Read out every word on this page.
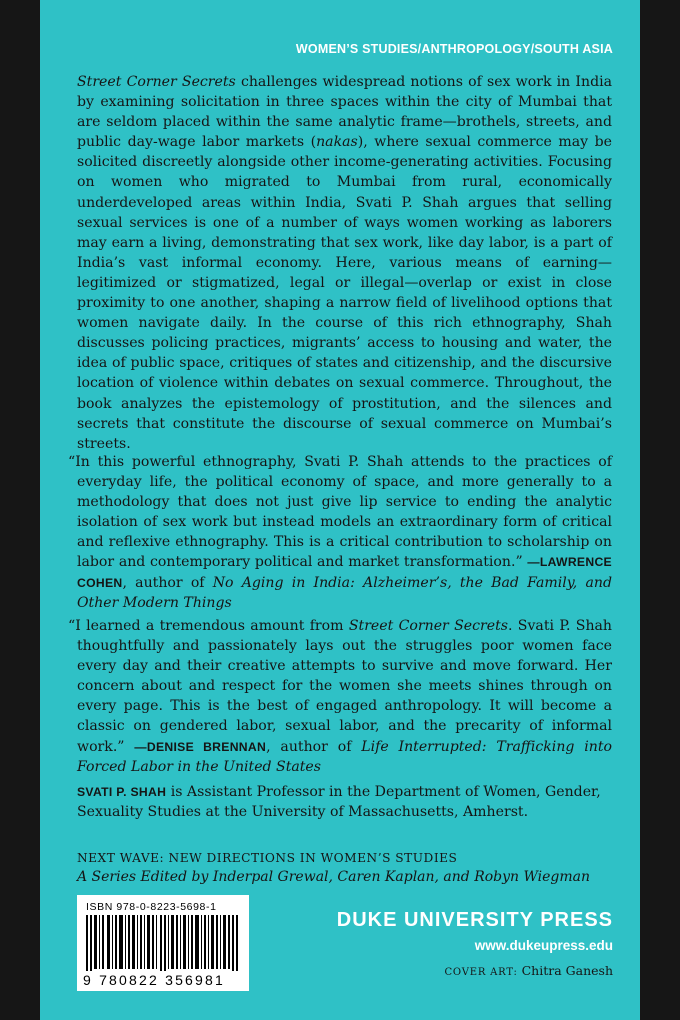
WOMEN’S STUDIES/ANTHROPOLOGY/SOUTH ASIA
Street Corner Secrets challenges widespread notions of sex work in India by examining solicitation in three spaces within the city of Mumbai that are seldom placed within the same analytic frame—brothels, streets, and public day-wage labor markets (nakas), where sexual commerce may be solicited discreetly alongside other income-generating activities. Focusing on women who migrated to Mumbai from rural, economically underdeveloped areas within India, Svati P. Shah argues that selling sexual services is one of a number of ways women working as laborers may earn a living, demonstrating that sex work, like day labor, is a part of India’s vast informal economy. Here, various means of earning—legitimized or stigmatized, legal or illegal—overlap or exist in close proximity to one another, shaping a narrow field of livelihood options that women navigate daily. In the course of this rich ethnography, Shah discusses policing practices, migrants’ access to housing and water, the idea of public space, critiques of states and citizenship, and the discursive location of violence within debates on sexual commerce. Throughout, the book analyzes the epistemology of prostitution, and the silences and secrets that constitute the discourse of sexual commerce on Mumbai’s streets.
“In this powerful ethnography, Svati P. Shah attends to the practices of everyday life, the political economy of space, and more generally to a methodology that does not just give lip service to ending the analytic isolation of sex work but instead models an extraordinary form of critical and reflexive ethnography. This is a critical contribution to scholarship on labor and contemporary political and market transformation.” —LAWRENCE COHEN, author of No Aging in India: Alzheimer’s, the Bad Family, and Other Modern Things
“I learned a tremendous amount from Street Corner Secrets. Svati P. Shah thoughtfully and passionately lays out the struggles poor women face every day and their creative attempts to survive and move forward. Her concern about and respect for the women she meets shines through on every page. This is the best of engaged anthropology. It will become a classic on gendered labor, sexual labor, and the precarity of informal work.” —DENISE BRENNAN, author of Life Interrupted: Trafficking into Forced Labor in the United States
SVATI P. SHAH is Assistant Professor in the Department of Women, Gender, Sexuality Studies at the University of Massachusetts, Amherst.
NEXT WAVE: NEW DIRECTIONS IN WOMEN’S STUDIES
A Series Edited by Inderpal Grewal, Caren Kaplan, and Robyn Wiegman
ISBN 978-0-8223-5698-1
9 780822 356981
DUKE UNIVERSITY PRESS
www.dukeupress.edu
COVER ART: Chitra Ganesh
